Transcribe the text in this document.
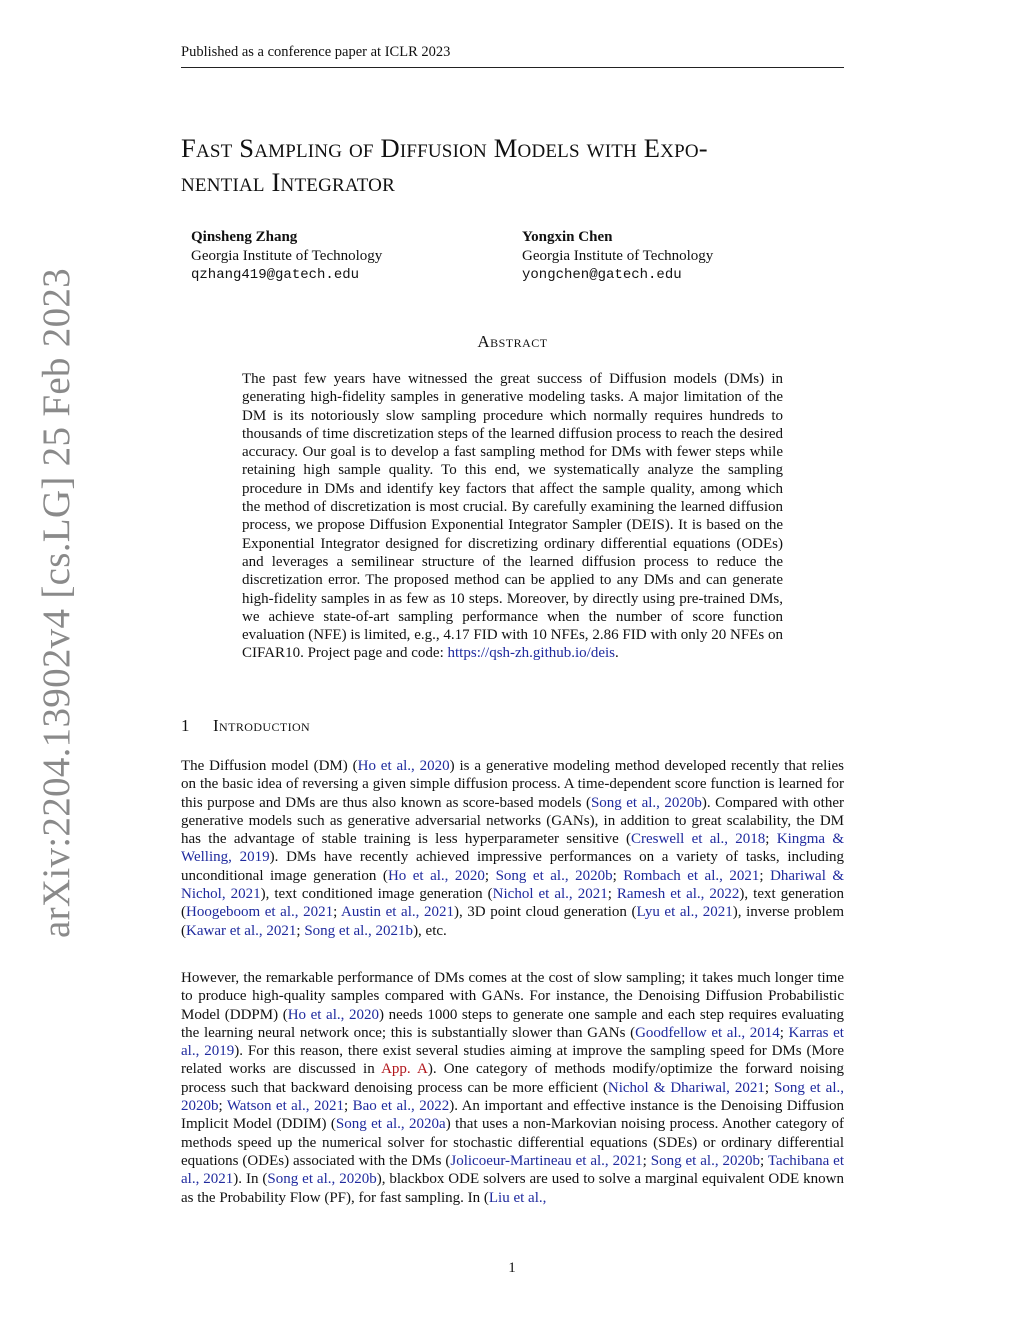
Published as a conference paper at ICLR 2023
arXiv:2204.13902v4 [cs.LG] 25 Feb 2023
Fast Sampling of Diffusion Models with Expo-
nential Integrator
Qinsheng Zhang
Georgia Institute of Technology
qzhang419@gatech.edu
Yongxin Chen
Georgia Institute of Technology
yongchen@gatech.edu
Abstract
The past few years have witnessed the great success of Diffusion models (DMs) in generating high-fidelity samples in generative modeling tasks. A major limitation of the DM is its notoriously slow sampling procedure which normally requires hundreds to thousands of time discretization steps of the learned diffusion process to reach the desired accuracy. Our goal is to develop a fast sampling method for DMs with fewer steps while retaining high sample quality. To this end, we systematically analyze the sampling procedure in DMs and identify key factors that affect the sample quality, among which the method of discretization is most crucial. By carefully examining the learned diffusion process, we propose Diffusion Exponential Integrator Sampler (DEIS). It is based on the Exponential Integrator designed for discretizing ordinary differential equations (ODEs) and leverages a semilinear structure of the learned diffusion process to reduce the discretization error. The proposed method can be applied to any DMs and can generate high-fidelity samples in as few as 10 steps. Moreover, by directly using pre-trained DMs, we achieve state-of-art sampling performance when the number of score function evaluation (NFE) is limited, e.g., 4.17 FID with 10 NFEs, 2.86 FID with only 20 NFEs on CIFAR10. Project page and code: https://qsh-zh.github.io/deis.
1 Introduction
The Diffusion model (DM) (Ho et al., 2020) is a generative modeling method developed recently that relies on the basic idea of reversing a given simple diffusion process. A time-dependent score function is learned for this purpose and DMs are thus also known as score-based models (Song et al., 2020b). Compared with other generative models such as generative adversarial networks (GANs), in addition to great scalability, the DM has the advantage of stable training is less hyperparameter sensitive (Creswell et al., 2018; Kingma & Welling, 2019). DMs have recently achieved impressive performances on a variety of tasks, including unconditional image generation (Ho et al., 2020; Song et al., 2020b; Rombach et al., 2021; Dhariwal & Nichol, 2021), text conditioned image generation (Nichol et al., 2021; Ramesh et al., 2022), text generation (Hoogeboom et al., 2021; Austin et al., 2021), 3D point cloud generation (Lyu et al., 2021), inverse problem (Kawar et al., 2021; Song et al., 2021b), etc.
However, the remarkable performance of DMs comes at the cost of slow sampling; it takes much longer time to produce high-quality samples compared with GANs. For instance, the Denoising Diffusion Probabilistic Model (DDPM) (Ho et al., 2020) needs 1000 steps to generate one sample and each step requires evaluating the learning neural network once; this is substantially slower than GANs (Goodfellow et al., 2014; Karras et al., 2019). For this reason, there exist several studies aiming at improve the sampling speed for DMs (More related works are discussed in App. A). One category of methods modify/optimize the forward noising process such that backward denoising process can be more efficient (Nichol & Dhariwal, 2021; Song et al., 2020b; Watson et al., 2021; Bao et al., 2022). An important and effective instance is the Denoising Diffusion Implicit Model (DDIM) (Song et al., 2020a) that uses a non-Markovian noising process. Another category of methods speed up the numerical solver for stochastic differential equations (SDEs) or ordinary differential equations (ODEs) associated with the DMs (Jolicoeur-Martineau et al., 2021; Song et al., 2020b; Tachibana et al., 2021). In (Song et al., 2020b), blackbox ODE solvers are used to solve a marginal equivalent ODE known as the Probability Flow (PF), for fast sampling. In (Liu et al.,
1
